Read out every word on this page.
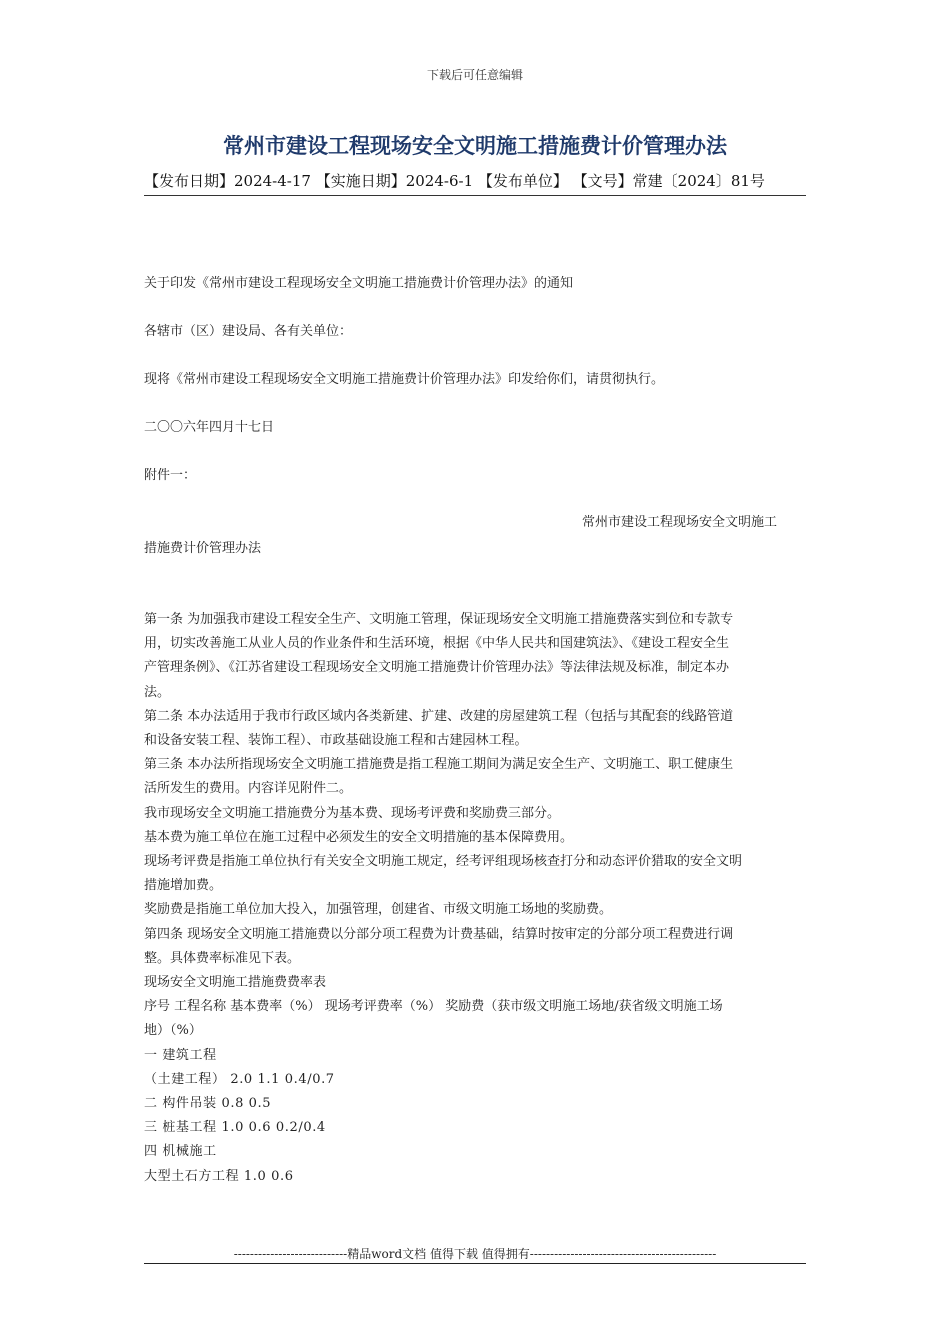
下载后可任意编辑
常州市建设工程现场安全文明施工措施费计价管理办法
【发布日期】2024-4-17 【实施日期】2024-6-1 【发布单位】 【文号】常建〔2024〕81号
关于印发《常州市建设工程现场安全文明施工措施费计价管理办法》的通知
各辖市（区）建设局、各有关单位：
现将《常州市建设工程现场安全文明施工措施费计价管理办法》印发给你们，请贯彻执行。
二〇〇六年四月十七日
附件一：
常州市建设工程现场安全文明施工
措施费计价管理办法
第一条 为加强我市建设工程安全生产、文明施工管理，保证现场安全文明施工措施费落实到位和专款专
用，切实改善施工从业人员的作业条件和生活环境，根据《中华人民共和国建筑法》、《建设工程安全生
产管理条例》、《江苏省建设工程现场安全文明施工措施费计价管理办法》等法律法规及标准，制定本办
法。
第二条 本办法适用于我市行政区域内各类新建、扩建、改建的房屋建筑工程（包括与其配套的线路管道
和设备安装工程、装饰工程）、市政基础设施工程和古建园林工程。
第三条 本办法所指现场安全文明施工措施费是指工程施工期间为满足安全生产、文明施工、职工健康生
活所发生的费用。内容详见附件二。
我市现场安全文明施工措施费分为基本费、现场考评费和奖励费三部分。
基本费为施工单位在施工过程中必须发生的安全文明措施的基本保障费用。
现场考评费是指施工单位执行有关安全文明施工规定，经考评组现场核查打分和动态评价猎取的安全文明
措施增加费。
奖励费是指施工单位加大投入，加强管理，创建省、市级文明施工场地的奖励费。
第四条 现场安全文明施工措施费以分部分项工程费为计费基础，结算时按审定的分部分项工程费进行调
整。具体费率标准见下表。
现场安全文明施工措施费费率表
序号 工程名称 基本费率（%） 现场考评费率（%） 奖励费（获市级文明施工场地/获省级文明施工场
地）（%）
一 建筑工程
（土建工程） 2.0 1.1 0.4/0.7
二 构件吊装 0.8 0.5
三 桩基工程 1.0 0.6 0.2/0.4
四 机械施工
大型土石方工程 1.0 0.6
----------------------------精品word文档 值得下载 值得拥有----------------------------------------------
